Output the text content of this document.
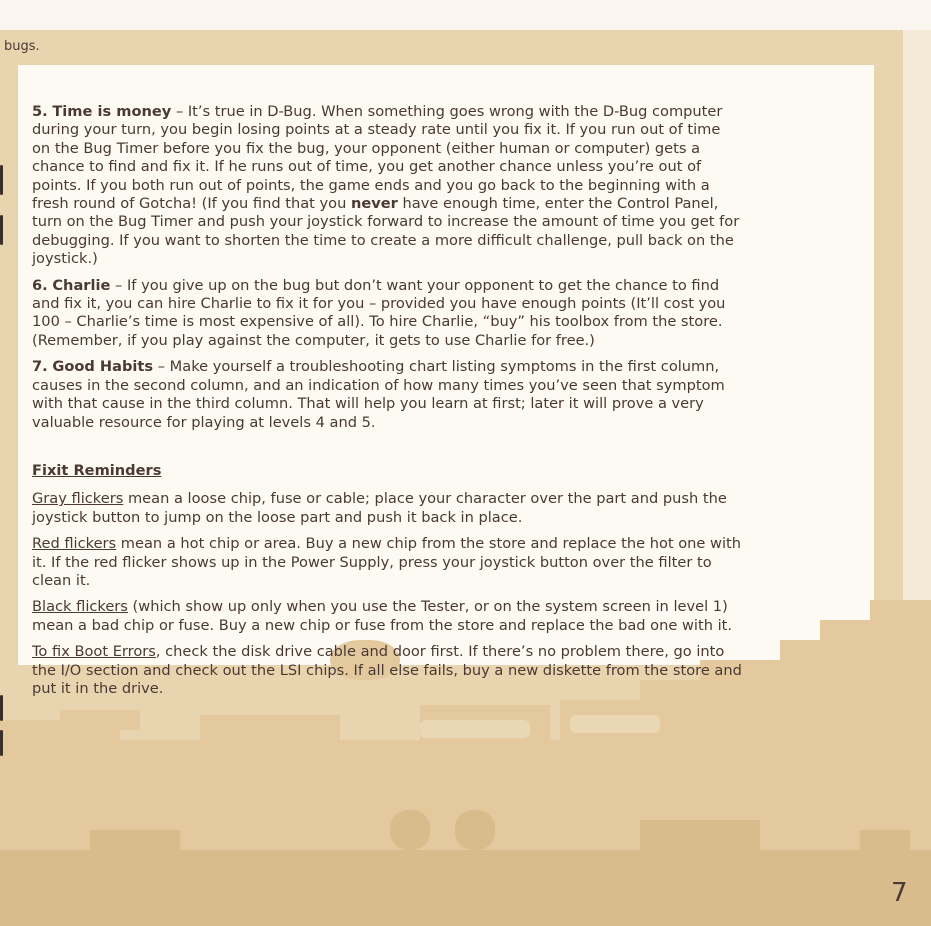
bugs.

5. Time is money – It’s true in D-Bug. When something goes wrong with the D-Bug computer during your turn, you begin losing points at a steady rate until you fix it. If you run out of time on the Bug Timer before you fix the bug, your opponent (either human or computer) gets a chance to find and fix it. If he runs out of time, you get another chance unless you’re out of points. If you both run out of points, the game ends and you go back to the beginning with a fresh round of Gotcha! (If you find that you never have enough time, enter the Control Panel, turn on the Bug Timer and push your joystick forward to increase the amount of time you get for debugging. If you want to shorten the time to create a more difficult challenge, pull back on the joystick.)

6. Charlie – If you give up on the bug but don’t want your opponent to get the chance to find and fix it, you can hire Charlie to fix it for you – provided you have enough points (It’ll cost you 100 – Charlie’s time is most expensive of all). To hire Charlie, “buy” his toolbox from the store. (Remember, if you play against the computer, it gets to use Charlie for free.)

7. Good Habits – Make yourself a troubleshooting chart listing symptoms in the first column, causes in the second column, and an indication of how many times you’ve seen that symptom with that cause in the third column. That will help you learn at first; later it will prove a very valuable resource for playing at levels 4 and 5.

Fixit Reminders

Gray flickers mean a loose chip, fuse or cable; place your character over the part and push the joystick button to jump on the loose part and push it back in place.

Red flickers mean a hot chip or area. Buy a new chip from the store and replace the hot one with it. If the red flicker shows up in the Power Supply, press your joystick button over the filter to clean it.

Black flickers (which show up only when you use the Tester, or on the system screen in level 1) mean a bad chip or fuse. Buy a new chip or fuse from the store and replace the bad one with it.

To fix Boot Errors, check the disk drive cable and door first. If there’s no problem there, go into the I/O section and check out the LSI chips. If all else fails, buy a new diskette from the store and put it in the drive.

7
